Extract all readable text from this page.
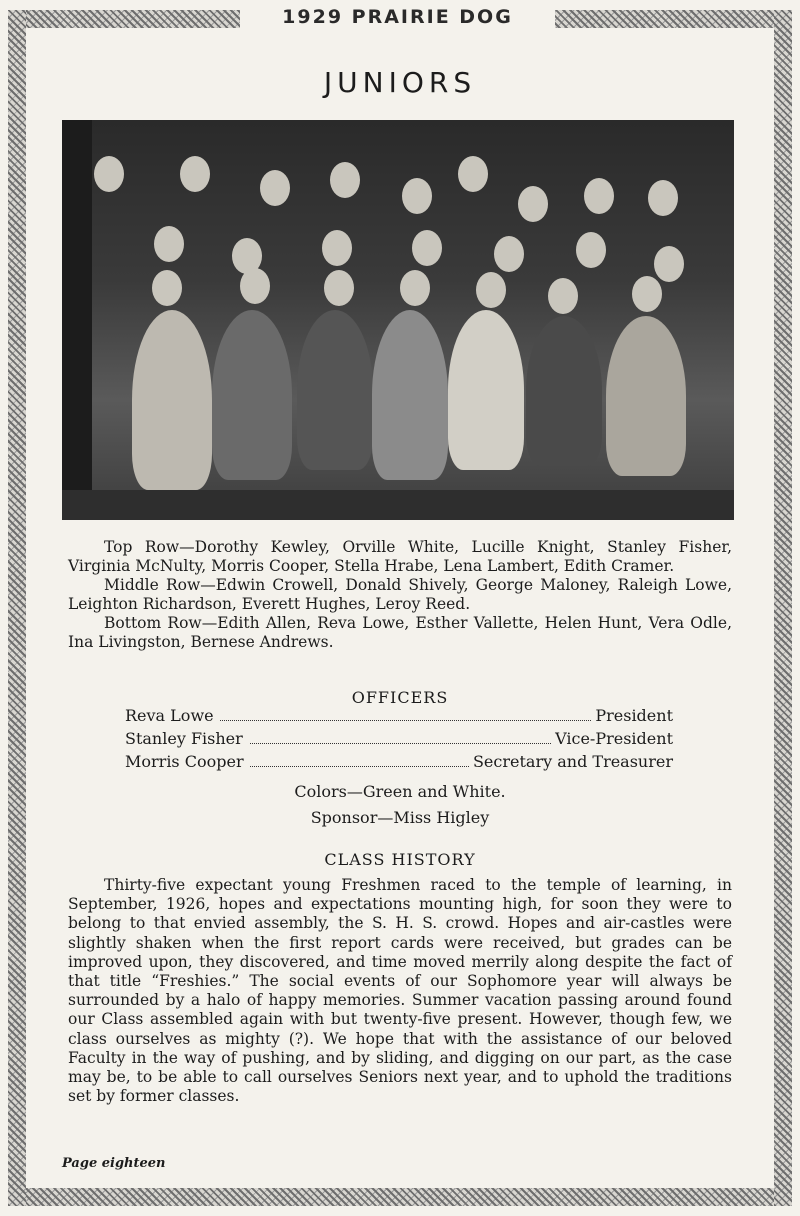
1929 PRAIRIE DOG
JUNIORS

Top Row—Dorothy Kewley, Orville White, Lucille Knight, Stanley Fisher, Virginia McNulty, Morris Cooper, Stella Hrabe, Lena Lambert, Edith Cramer.

Middle Row—Edwin Crowell, Donald Shively, George Maloney, Raleigh Lowe, Leighton Richardson, Everett Hughes, Leroy Reed.

Bottom Row—Edith Allen, Reva Lowe, Esther Vallette, Helen Hunt, Vera Odle, Ina Livingston, Bernese Andrews.

OFFICERS
Reva Lowe	President
Stanley Fisher	Vice-President
Morris Cooper	Secretary and Treasurer
Colors—Green and White.
Sponsor—Miss Higley
CLASS HISTORY

Thirty-five expectant young Freshmen raced to the temple of learning, in September, 1926, hopes and expectations mounting high, for soon they were to belong to that envied assembly, the S. H. S. crowd. Hopes and air-castles were slightly shaken when the first report cards were received, but grades can be improved upon, they discovered, and time moved merrily along despite the fact of that title “Freshies.” The social events of our Sophomore year will always be surrounded by a halo of happy memories. Summer vacation passing around found our Class assembled again with but twenty-five present. However, though few, we class ourselves as mighty (?). We hope that with the assistance of our beloved Faculty in the way of pushing, and by sliding, and digging on our part, as the case may be, to be able to call ourselves Seniors next year, and to uphold the traditions set by former classes.

Page eighteen
